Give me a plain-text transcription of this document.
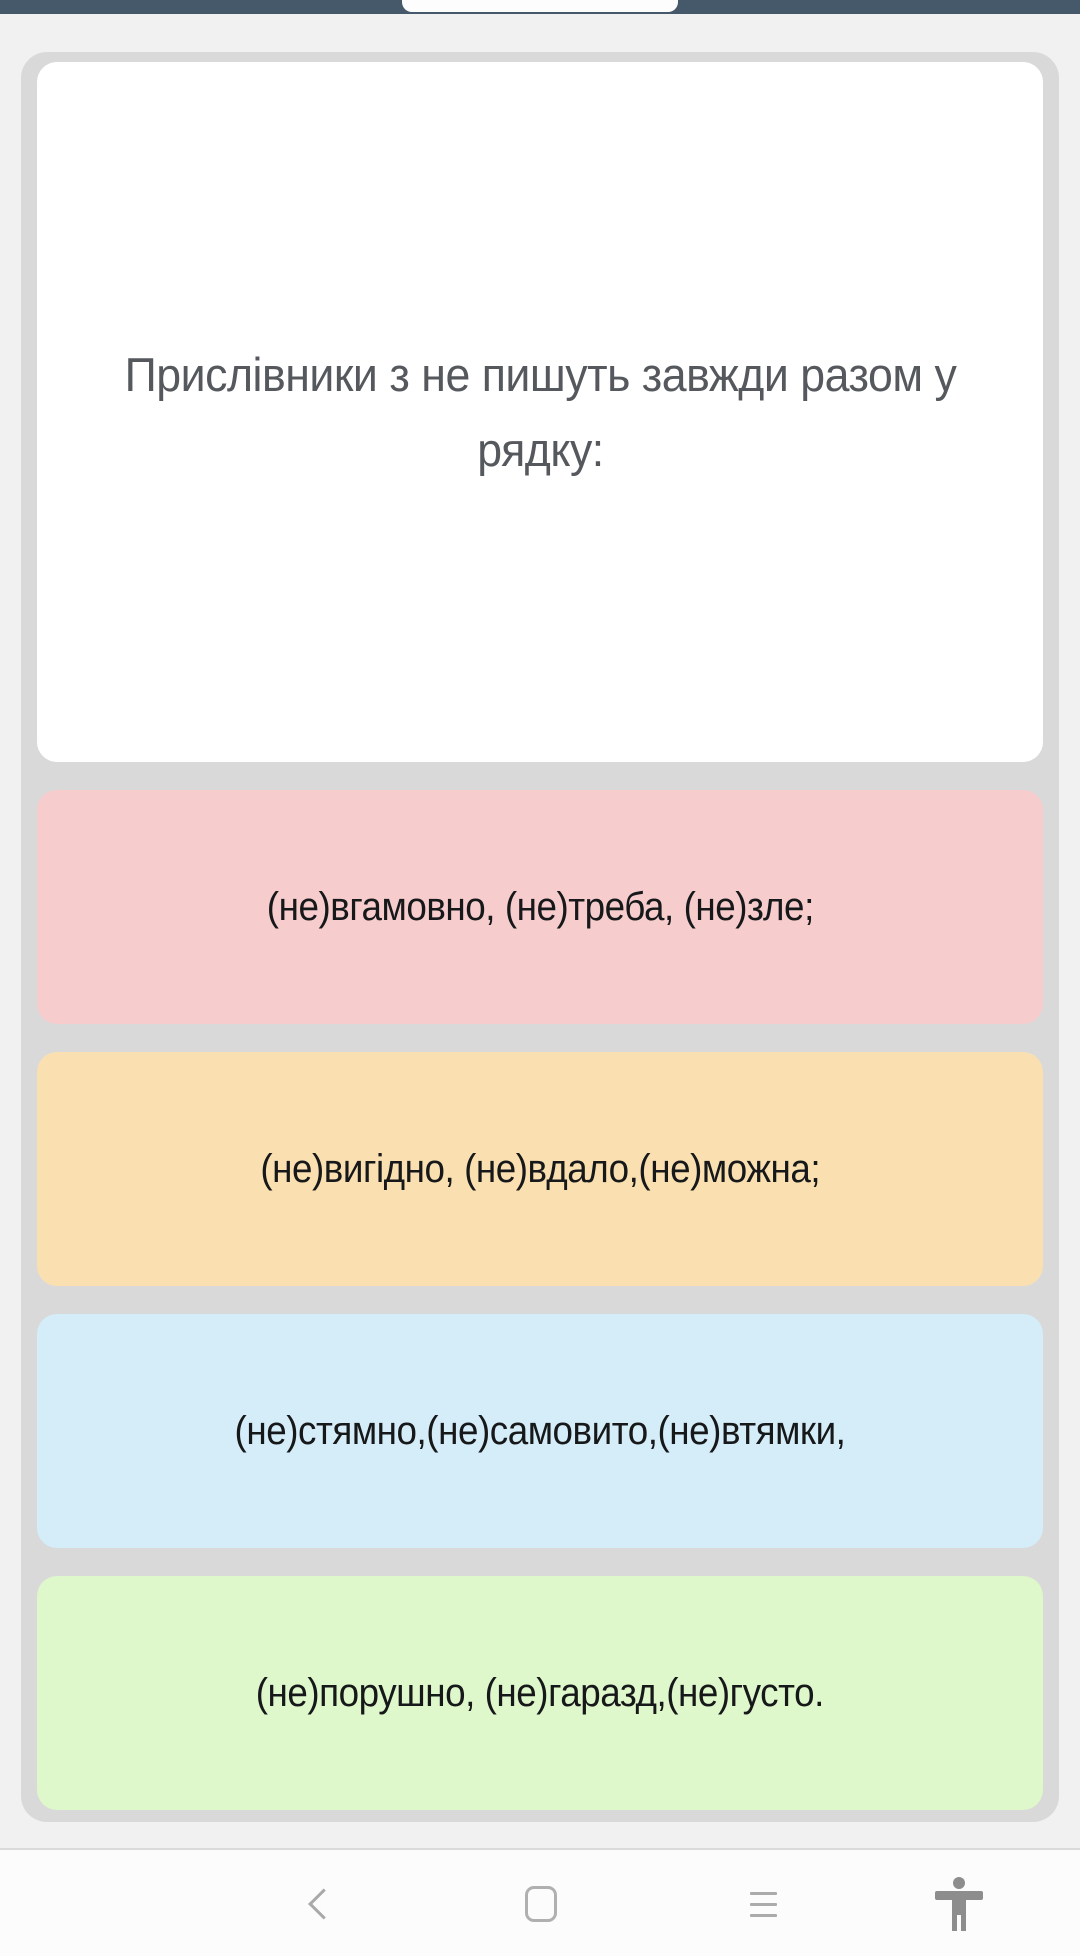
Прислівники з не пишуть завжди разом у рядку:
(не)вгамовно, (не)треба, (не)зле;
(не)вигідно, (не)вдало,(не)можна;
(не)стямно,(не)самовито,(не)втямки,
(не)порушно, (не)гаразд,(не)густо.
